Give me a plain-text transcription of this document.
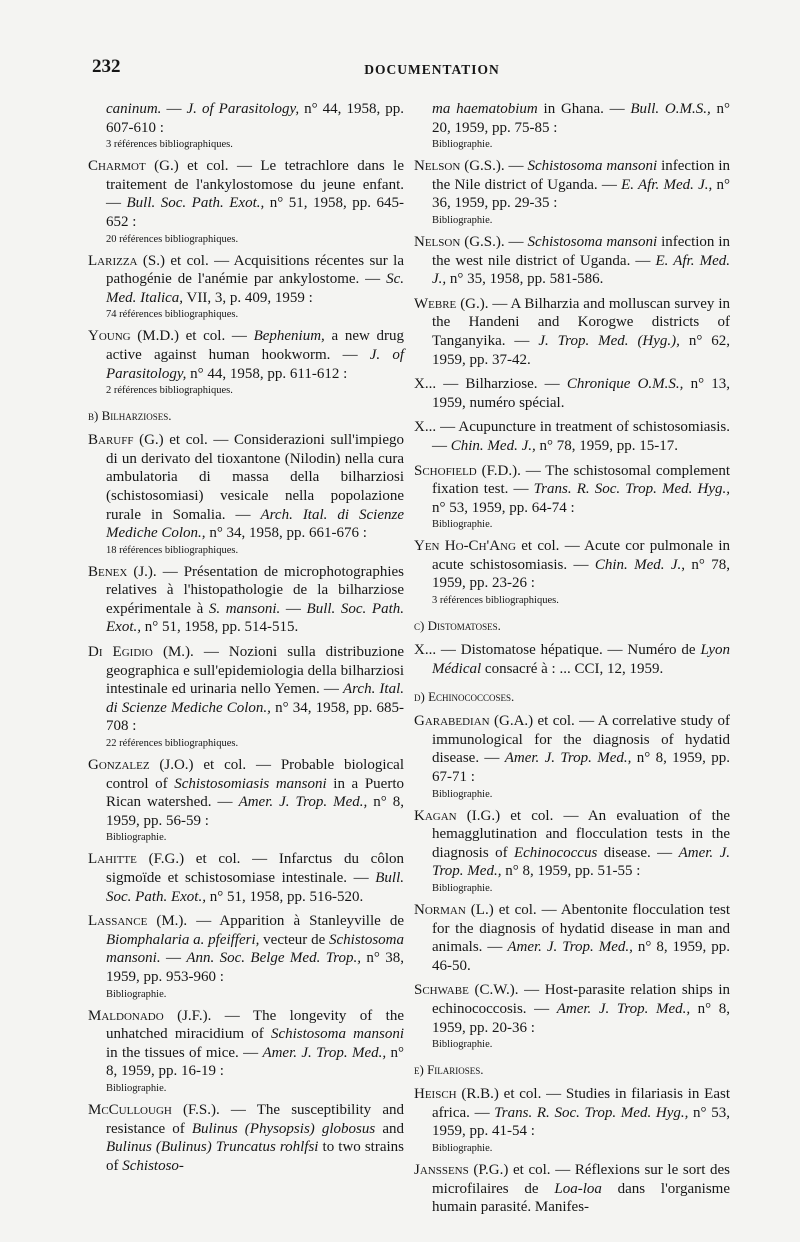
232	DOCUMENTATION
caninum. — J. of Parasitology, n° 44, 1958, pp. 607-610 :
3 références bibliographiques.
Charmot (G.) et col. — Le tetrachlore dans le traitement de l'ankylostomose du jeune enfant. — Bull. Soc. Path. Exot., n° 51, 1958, pp. 645-652 :
20 références bibliographiques.
Larizza (S.) et col. — Acquisitions récentes sur la pathogénie de l'anémie par ankylostome. — Sc. Med. Italica, VII, 3, p. 409, 1959 :
74 références bibliographiques.
Young (M.D.) et col. — Bephenium, a new drug active against human hookworm. — J. of Parasitology, n° 44, 1958, pp. 611-612 :
2 références bibliographiques.
b) Bilharzioses.
Baruff (G.) et col. — Considerazioni sull'impiego di un derivato del tioxantone (Nilodin) nella cura ambulatoria di massa della bilharziosi (schistosomiasi) vesicale nella popolazione rurale in Somalia. — Arch. Ital. di Scienze Mediche Colon., n° 34, 1958, pp. 661-676 :
18 références bibliographiques.
Benex (J.). — Présentation de microphotographies relatives à l'histopathologie de la bilharziose expérimentale à S. mansoni. — Bull. Soc. Path. Exot., n° 51, 1958, pp. 514-515.
Di Egidio (M.). — Nozioni sulla distribuzione geographica e sull'epidemiologia della bilharziosi intestinale ed urinaria nello Yemen. — Arch. Ital. di Scienze Mediche Colon., n° 34, 1958, pp. 685-708 :
22 références bibliographiques.
Gonzalez (J.O.) et col. — Probable biological control of Schistosomiasis mansoni in a Puerto Rican watershed. — Amer. J. Trop. Med., n° 8, 1959, pp. 56-59 :
Bibliographie.
Lahitte (F.G.) et col. — Infarctus du côlon sigmoïde et schistosomiase intestinale. — Bull. Soc. Path. Exot., n° 51, 1958, pp. 516-520.
Lassance (M.). — Apparition à Stanleyville de Biomphalaria a. pfeifferi, vecteur de Schistosoma mansoni. — Ann. Soc. Belge Med. Trop., n° 38, 1959, pp. 953-960 :
Bibliographie.
Maldonado (J.F.). — The longevity of the unhatched miracidium of Schistosoma mansoni in the tissues of mice. — Amer. J. Trop. Med., n° 8, 1959, pp. 16-19 :
Bibliographie.
McCullough (F.S.). — The susceptibility and resistance of Bulinus (Physopsis) globosus and Bulinus (Bulinus) Truncatus rohlfsi to two strains of Schistoso-
ma haematobium in Ghana. — Bull. O.M.S., n° 20, 1959, pp. 75-85 :
Bibliographie.
Nelson (G.S.). — Schistosoma mansoni infection in the Nile district of Uganda. — E. Afr. Med. J., n° 36, 1959, pp. 29-35 :
Bibliographie.
Nelson (G.S.). — Schistosoma mansoni infection in the west nile district of Uganda. — E. Afr. Med. J., n° 35, 1958, pp. 581-586.
Webre (G.). — A Bilharzia and molluscan survey in the Handeni and Korogwe districts of Tanganyika. — J. Trop. Med. (Hyg.), n° 62, 1959, pp. 37-42.
X... — Bilharziose. — Chronique O.M.S., n° 13, 1959, numéro spécial.
X... — Acupuncture in treatment of schistosomiasis. — Chin. Med. J., n° 78, 1959, pp. 15-17.
Schofield (F.D.). — The schistosomal complement fixation test. — Trans. R. Soc. Trop. Med. Hyg., n° 53, 1959, pp. 64-74 :
Bibliographie.
Yen Ho-Ch'Ang et col. — Acute cor pulmonale in acute schistosomiasis. — Chin. Med. J., n° 78, 1959, pp. 23-26 :
3 références bibliographiques.
c) Distomatoses.
X... — Distomatose hépatique. — Numéro de Lyon Médical consacré à : ... CCI, 12, 1959.
d) Echinococcoses.
Garabedian (G.A.) et col. — A correlative study of immunological for the diagnosis of hydatid disease. — Amer. J. Trop. Med., n° 8, 1959, pp. 67-71 :
Bibliographie.
Kagan (I.G.) et col. — An evaluation of the hemagglutination and flocculation tests in the diagnosis of Echinococcus disease. — Amer. J. Trop. Med., n° 8, 1959, pp. 51-55 :
Bibliographie.
Norman (L.) et col. — Abentonite flocculation test for the diagnosis of hydatid disease in man and animals. — Amer. J. Trop. Med., n° 8, 1959, pp. 46-50.
Schwabe (C.W.). — Host-parasite relation ships in echinococcosis. — Amer. J. Trop. Med., n° 8, 1959, pp. 20-36 :
Bibliographie.
e) Filarioses.
Heisch (R.B.) et col. — Studies in filariasis in East africa. — Trans. R. Soc. Trop. Med. Hyg., n° 53, 1959, pp. 41-54 :
Bibliographie.
Janssens (P.G.) et col. — Réflexions sur le sort des microfilaires de Loa-loa dans l'organisme humain parasité. Manifes-
